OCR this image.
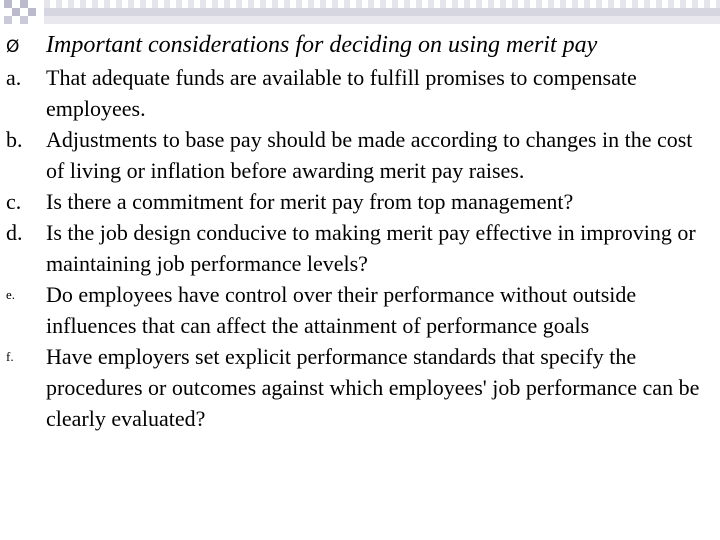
Ø Important considerations for deciding on using merit pay
a. That adequate funds are available to fulfill promises to compensate employees.
b. Adjustments to base pay should be made according to changes in the cost of living or inflation before awarding merit pay raises.
c. Is there a commitment for merit pay from top management?
d. Is the job design conducive to making merit pay effective in improving or maintaining job performance levels?
e. Do employees have control over their performance without outside influences that can affect the attainment of performance goals
f. Have employers set explicit performance standards that specify the procedures or outcomes against which employees' job performance can be clearly evaluated?
